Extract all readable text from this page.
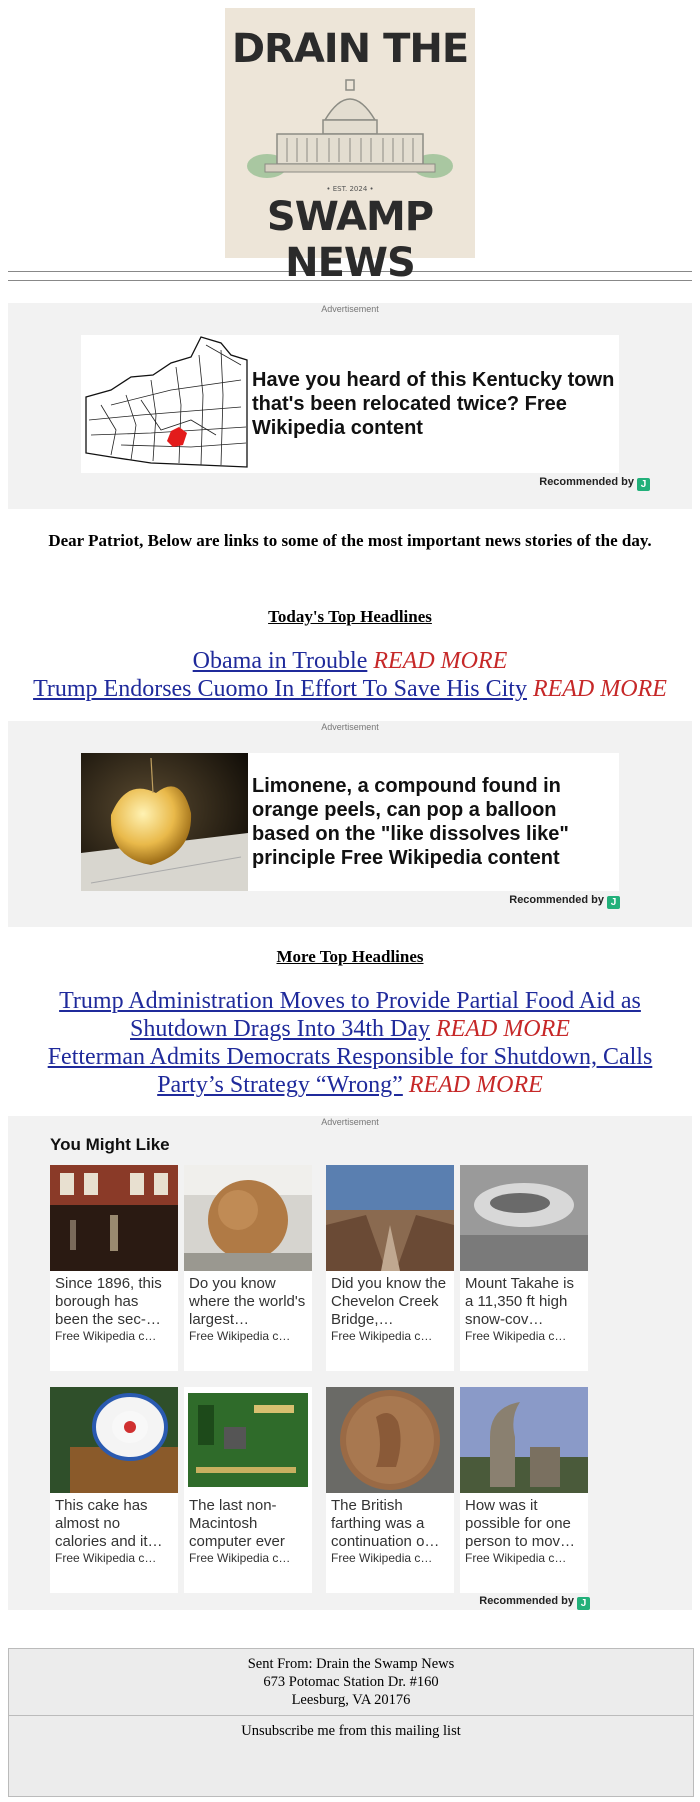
DRAIN THE
• EST. 2024 •
SWAMP NEWS
Advertisement
Have you heard of this Kentucky town that's been relocated twice? Free Wikipedia content
Recommended by J
Dear Patriot, Below are links to some of the most important news stories of the day.
Today's Top Headlines
Obama in Trouble READ MORE
Trump Endorses Cuomo In Effort To Save His City READ MORE
Advertisement
Limonene, a compound found in orange peels, can pop a balloon based on the "like dissolves like" principle Free Wikipedia content
Recommended by J
More Top Headlines
Trump Administration Moves to Provide Partial Food Aid as Shutdown Drags Into 34th Day READ MORE
Fetterman Admits Democrats Responsible for Shutdown, Calls Party’s Strategy “Wrong” READ MORE
Advertisement
You Might Like
Since 1896, this borough has been the sec-…
Free Wikipedia c…
Do you know where the world's largest…
Free Wikipedia c…
Did you know the Chevelon Creek Bridge,…
Free Wikipedia c…
Mount Takahe is a 11,350 ft high snow-cov…
Free Wikipedia c…
This cake has almost no calories and it…
Free Wikipedia c…
The last non-Macintosh computer ever
Free Wikipedia c…
The British farthing was a continuation o…
Free Wikipedia c…
How was it possible for one person to mov…
Free Wikipedia c…
Recommended by J
Sent From: Drain the Swamp News
673 Potomac Station Dr. #160
Leesburg, VA 20176
Unsubscribe me from this mailing list
